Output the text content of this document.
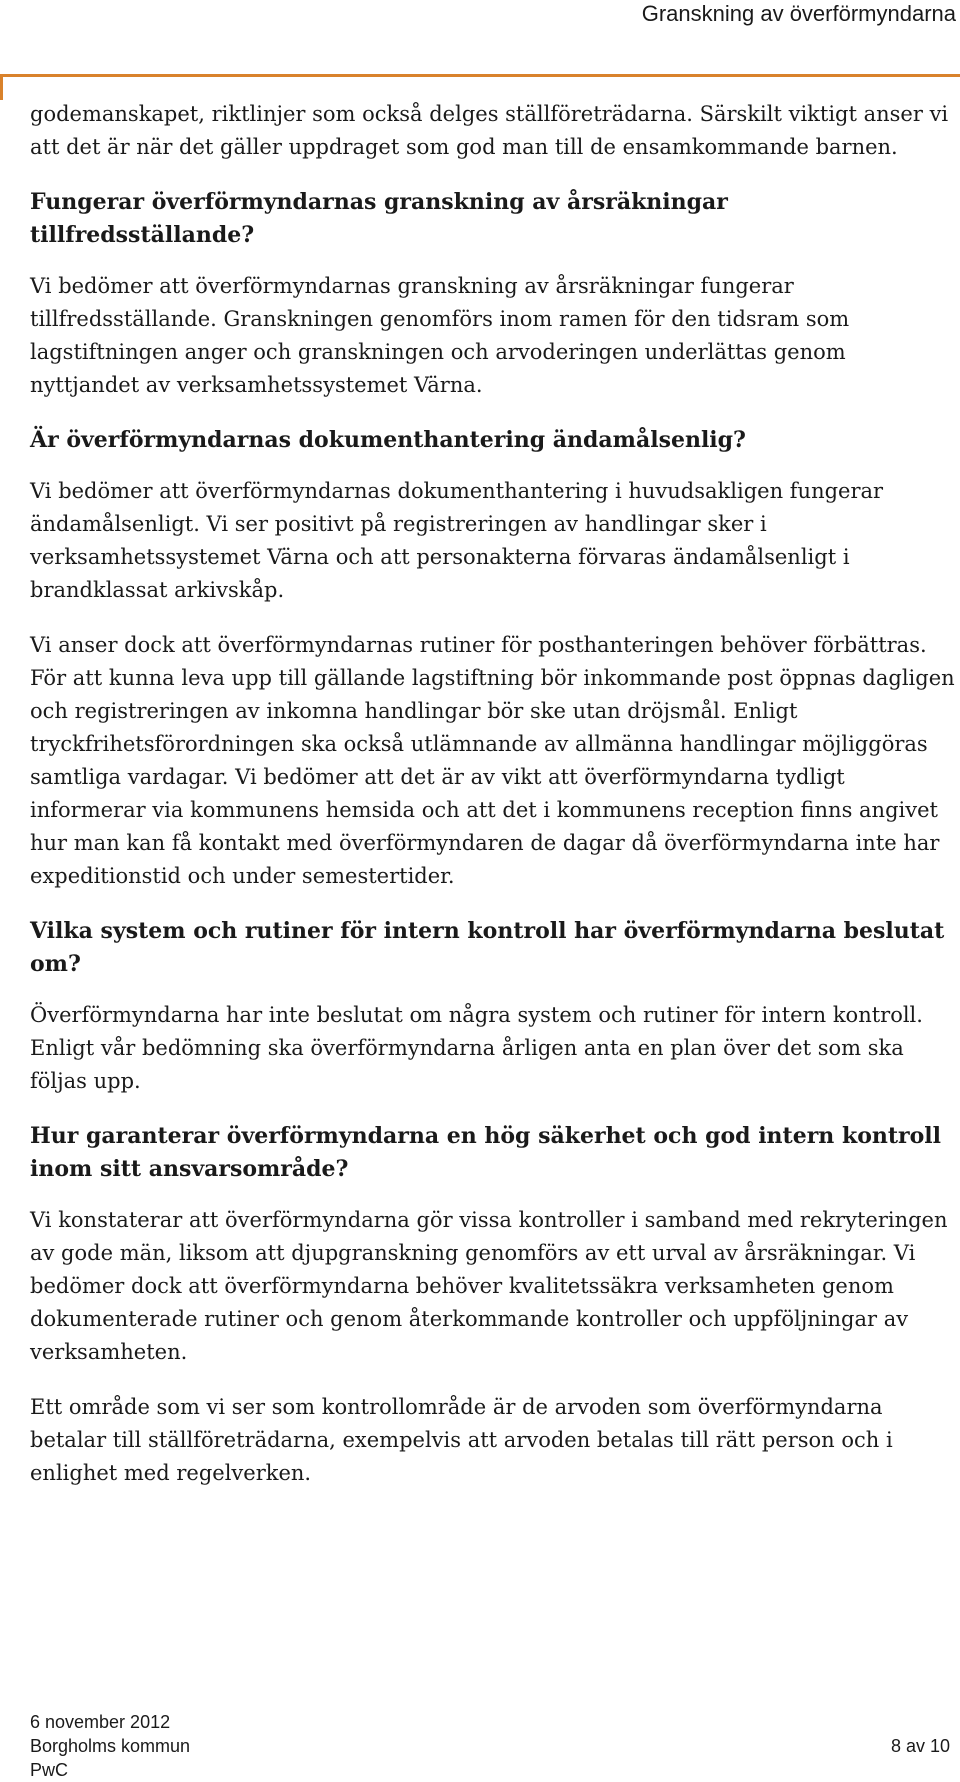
Granskning av överförmyndarna

godemanskapet, riktlinjer som också delges ställföreträdarna. Särskilt viktigt anser vi att det är när det gäller uppdraget som god man till de ensamkommande barnen.

Fungerar överförmyndarnas granskning av årsräkningar tillfredsställande?

Vi bedömer att överförmyndarnas granskning av årsräkningar fungerar tillfredsställande. Granskningen genomförs inom ramen för den tidsram som lagstiftningen anger och granskningen och arvoderingen underlättas genom nyttjandet av verksamhetssystemet Värna.

Är överförmyndarnas dokumenthantering ändamålsenlig?

Vi bedömer att överförmyndarnas dokumenthantering i huvudsakligen fungerar ändamålsenligt. Vi ser positivt på registreringen av handlingar sker i verksamhetssystemet Värna och att personakterna förvaras ändamålsenligt i brandklassat arkivskåp.

Vi anser dock att överförmyndarnas rutiner för posthanteringen behöver förbättras. För att kunna leva upp till gällande lagstiftning bör inkommande post öppnas dagligen och registreringen av inkomna handlingar bör ske utan dröjsmål. Enligt tryckfrihetsförordningen ska också utlämnande av allmänna handlingar möjliggöras samtliga vardagar. Vi bedömer att det är av vikt att överförmyndarna tydligt informerar via kommunens hemsida och att det i kommunens reception finns angivet hur man kan få kontakt med överförmyndaren de dagar då överförmyndarna inte har expeditionstid och under semestertider.

Vilka system och rutiner för intern kontroll har överförmyndarna beslutat om?

Överförmyndarna har inte beslutat om några system och rutiner för intern kontroll. Enligt vår bedömning ska överförmyndarna årligen anta en plan över det som ska följas upp.

Hur garanterar överförmyndarna en hög säkerhet och god intern kontroll inom sitt ansvarsområde?

Vi konstaterar att överförmyndarna gör vissa kontroller i samband med rekryteringen av gode män, liksom att djupgranskning genomförs av ett urval av årsräkningar. Vi bedömer dock att överförmyndarna behöver kvalitetssäkra verksamheten genom dokumenterade rutiner och genom återkommande kontroller och uppföljningar av verksamheten.

Ett område som vi ser som kontrollområde är de arvoden som överförmyndarna betalar till ställföreträdarna, exempelvis att arvoden betalas till rätt person och i enlighet med regelverken.

6 november 2012
Borgholms kommun
PwC
8 av 10
